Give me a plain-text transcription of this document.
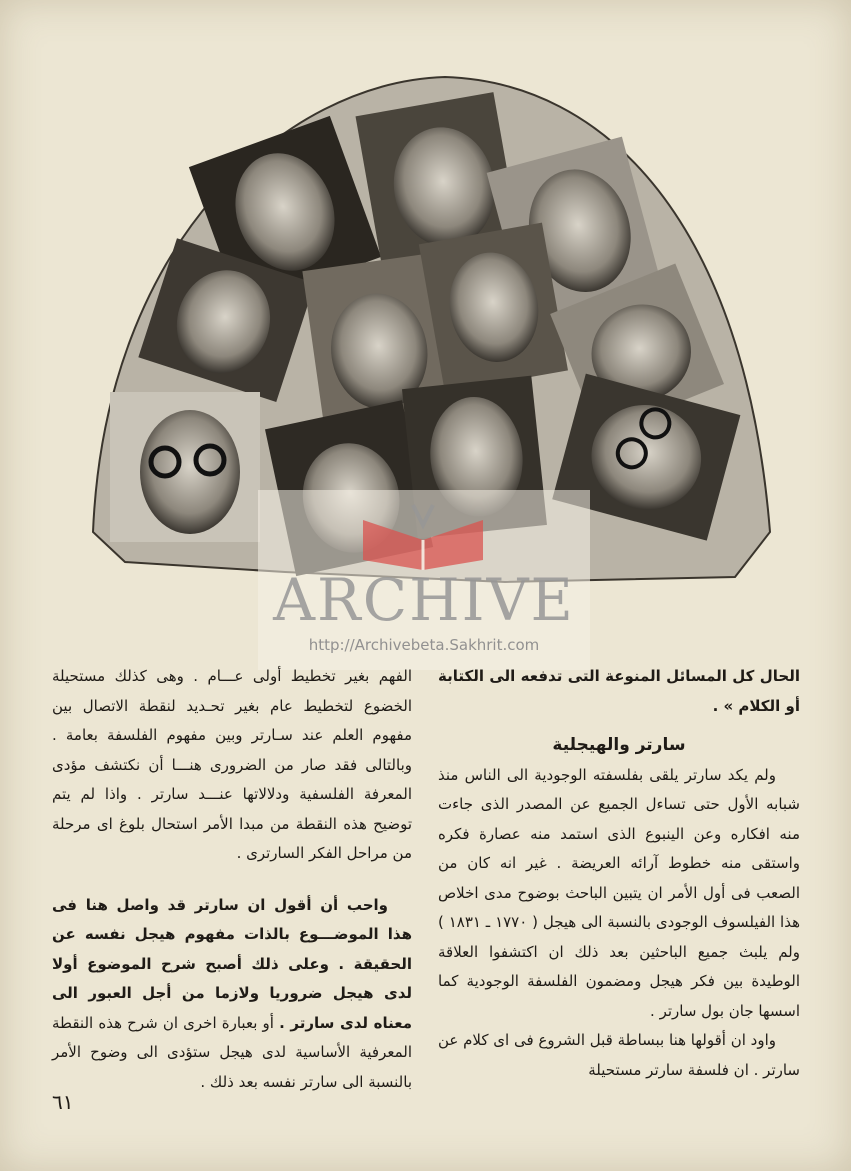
ARCHIVE
http://Archivebeta.Sakhrit.com

الحال كل المسائل المنوعة التى تدفعه الى الكتابة أو الكلام » .

سارتر والهيجلية

ولم يكد سارتر يلقى بفلسفته الوجودية الى الناس منذ شبابه الأول حتى تساءل الجميع عن المصدر الذى جاءت منه افكاره وعن الينبوع الذى استمد منه عصارة فكره واستقى منه خطوط آرائه العريضة . غير انه كان من الصعب فى أول الأمر ان يتبين الباحث بوضوح مدى اخلاص هذا الفيلسوف الوجودى بالنسبة الى هيجل ( ١٧٧٠ ـ ١٨٣١ ) ولم يلبث جميع الباحثين بعد ذلك ان اكتشفوا العلاقة الوطيدة بين فكر هيجل ومضمون الفلسفة الوجودية كما اسسها جان بول سارتر .

واود ان أقولها هنا ببساطة قبل الشروع فى اى كلام عن سارتر . ان فلسفة سارتر مستحيلة

الفهم بغير تخطيط أولى عـــام . وهى كذلك مستحيلة الخضوع لتخطيط عام بغير تحـديد لنقطة الاتصال بين مفهوم العلم عند سـارتر وبين مفهوم الفلسفة بعامة . وبالتالى فقد صار من الضرورى هنـــا أن نكتشف مؤدى المعرفة الفلسفية ودلالاتها عنـــد سارتر . واذا لم يتم توضيح هذه النقطة من مبدا الأمر استحال بلوغ اى مرحلة من مراحل الفكر السارترى .

واحب أن أقول ان سارتر قد واصل هنا فى هذا الموضـــوع بالذات مفهوم هيجل نفسه عن الحقيقة . وعلى ذلك أصبح شرح الموضوع أولا لدى هيجل ضروريا ولازما من أجل العبور الى معناه لدى سارتر . أو بعبارة اخرى ان شرح هذه النقطة المعرفية الأساسية لدى هيجل ستؤدى الى وضوح الأمر بالنسبة الى سارتر نفسه بعد ذلك .

٦١
